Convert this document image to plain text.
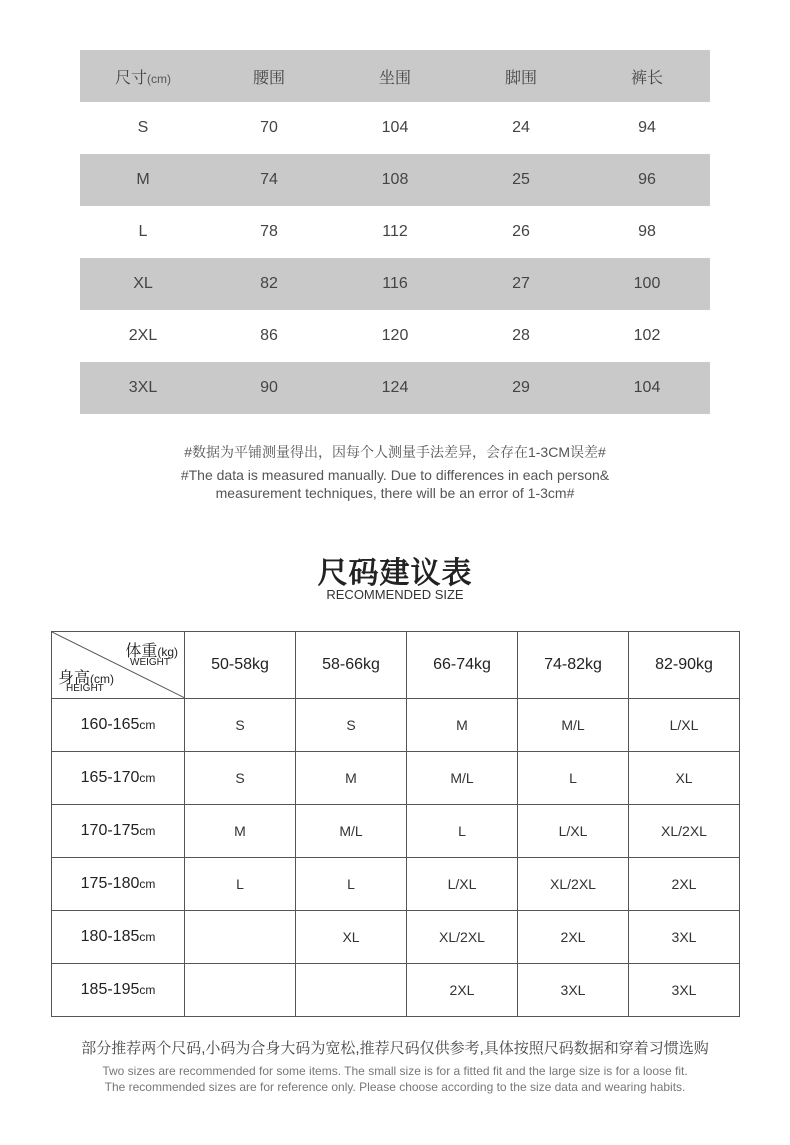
尺寸(cm)	腰围	坐围	脚围	裤长
S	70	104	24	94
M	74	108	25	96
L	78	112	26	98
XL	82	116	27	100
2XL	86	120	28	102
3XL	90	124	29	104
#数据为平铺测量得出，因每个人测量手法差异，会存在1-3CM误差#
#The data is measured manually. Due to differences in each person&
measurement techniques, there will be an error of 1-3cm#
尺码建议表
RECOMMENDED SIZE
体重(kg)
WEIGHT
身高(cm)
HEIGHT	50-58kg	58-66kg	66-74kg	74-82kg	82-90kg
160-165cm	S	S	M	M/L	L/XL
165-170cm	S	M	M/L	L	XL
170-175cm	M	M/L	L	L/XL	XL/2XL
175-180cm	L	L	L/XL	XL/2XL	2XL
180-185cm		XL	XL/2XL	2XL	3XL
185-195cm			2XL	3XL	3XL
部分推荐两个尺码,小码为合身大码为宽松,推荐尺码仅供参考,具体按照尺码数据和穿着习惯选购
Two sizes are recommended for some items. The small size is for a fitted fit and the large size is for a loose fit.
The recommended sizes are for reference only. Please choose according to the size data and wearing habits.
